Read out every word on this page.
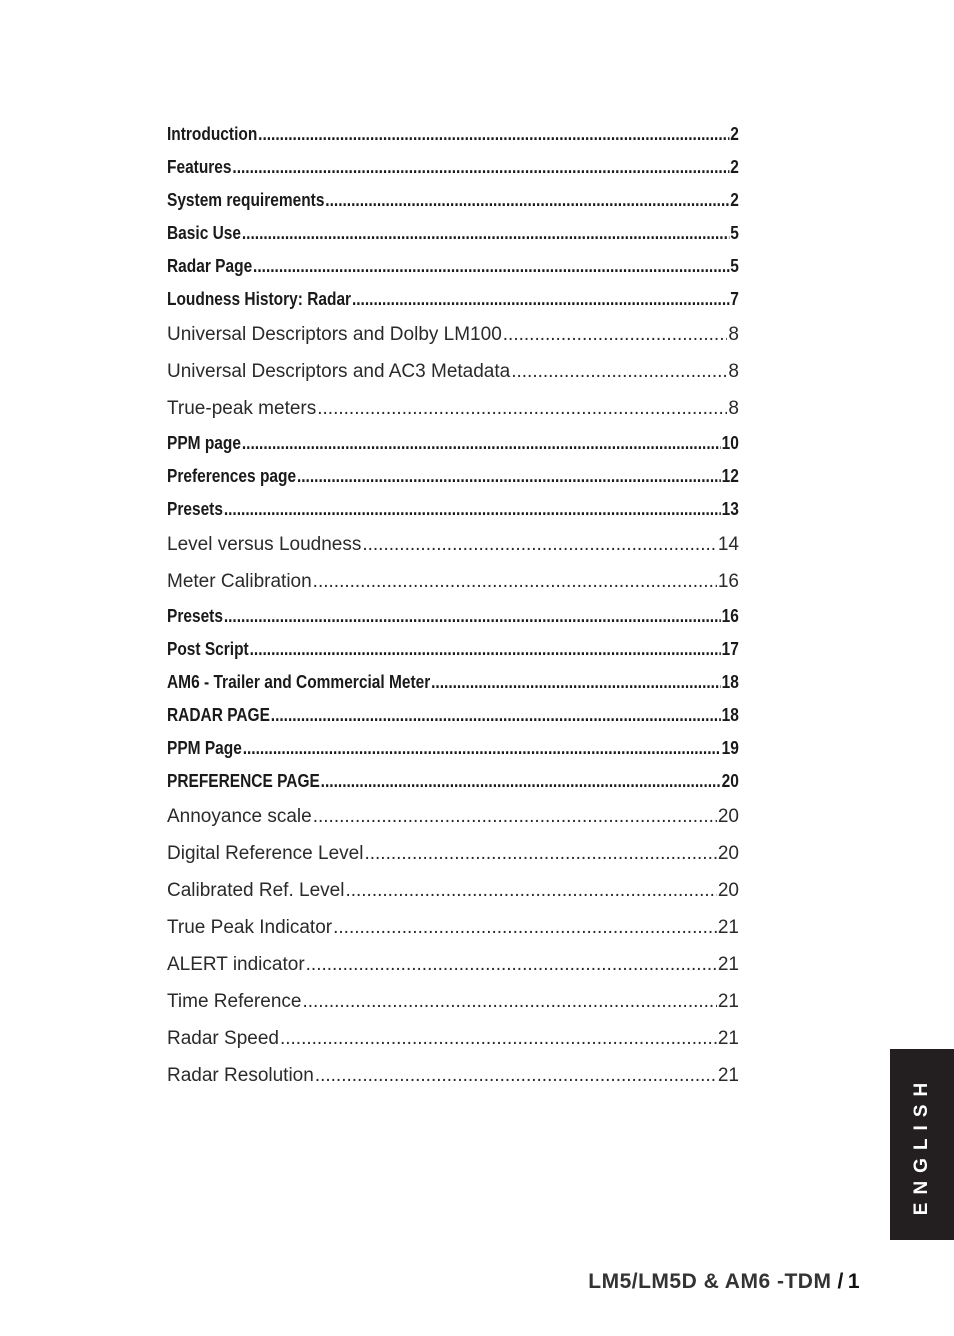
Introduction .....	2
Features .....	2
System requirements .....	2
Basic Use .....	5
Radar Page .....	5
Loudness History: Radar .....	7
Universal Descriptors and Dolby LM100 .....	8
Universal Descriptors and AC3 Metadata .....	8
True-peak meters .....	8
PPM page .....	10
Preferences page .....	12
Presets .....	13
Level versus Loudness .....	14
Meter Calibration .....	16
Presets .....	16
Post Script .....	17
AM6 - Trailer and Commercial Meter .....	18
RADAR PAGE .....	18
PPM Page .....	19
PREFERENCE PAGE .....	20
Annoyance scale .....	20
Digital Reference Level .....	20
Calibrated Ref. Level .....	20
True Peak Indicator .....	21
ALERT indicator .....	21
Time Reference .....	21
Radar Speed .....	21
Radar Resolution .....	21	ENGLISH
LM5/LM5D & AM6 -TDM / 1
